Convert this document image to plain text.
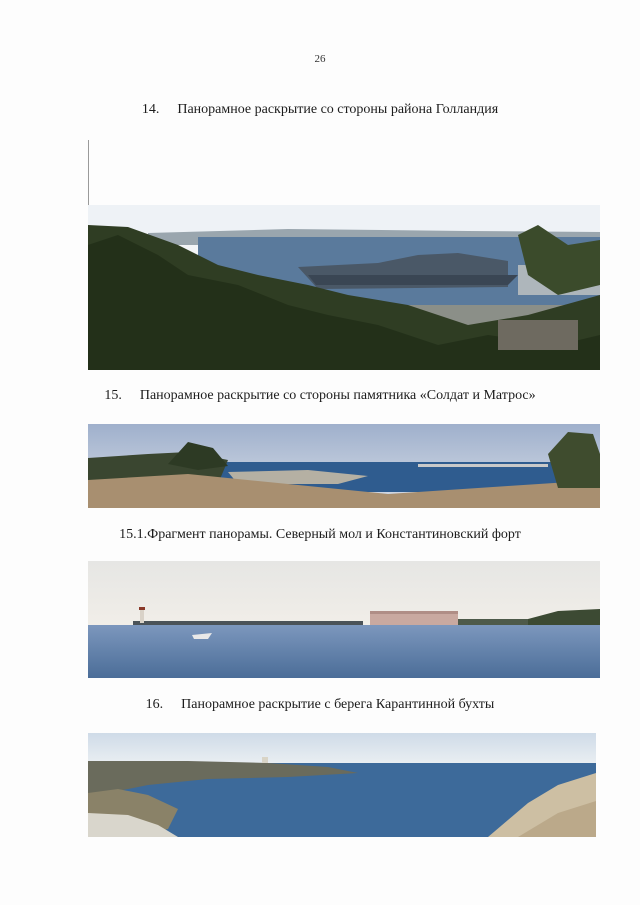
26
14. Панорамное раскрытие со стороны района Голландия
15. Панорамное раскрытие со стороны памятника «Солдат и Матрос»
15.1.Фрагмент панорамы. Северный мол и Константиновский форт
16. Панорамное раскрытие с берега Карантинной бухты
